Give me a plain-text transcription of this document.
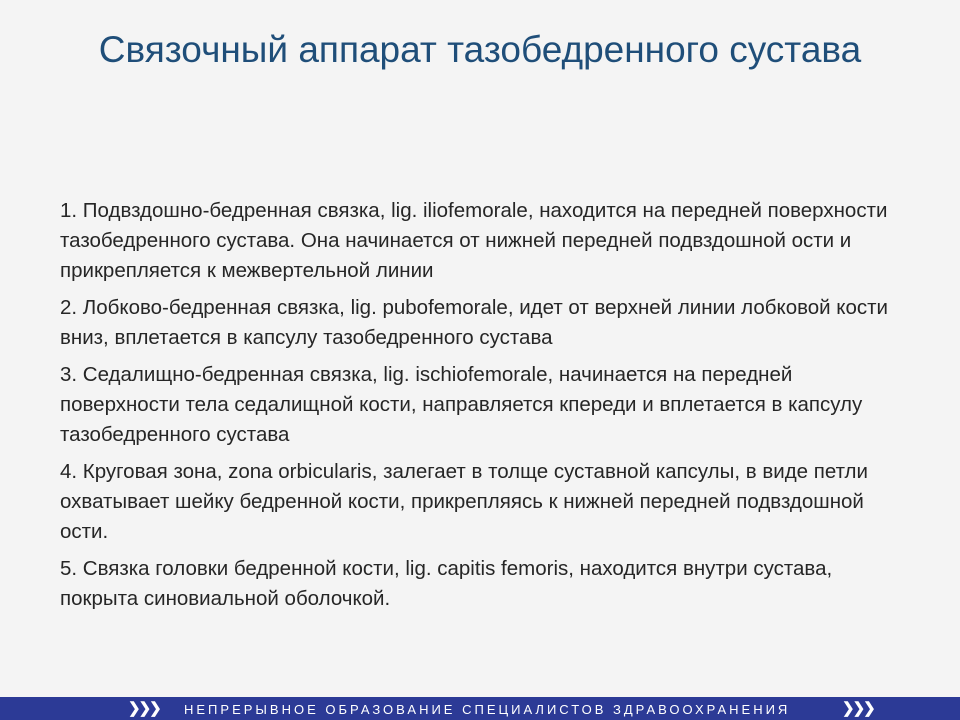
Связочный аппарат тазобедренного сустава

1. Подвздошно-бедренная связка, lig. iliofemorale, находится на передней поверхности тазобедренного сустава. Она начинается от нижней передней подвздошной ости и прикрепляется к межвертельной линии

2. Лобково-бедренная связка, lig. pubofemorale, идет от верхней линии лобковой кости вниз, вплетается в капсулу тазобедренного сустава

3. Седалищно-бедренная связка, lig. ischiofemorale, начинается на передней поверхности тела седалищной кости, направляется кпереди и вплетается в капсулу тазобедренного сустава

4. Круговая зона, zona orbicularis, залегает в толще суставной капсулы, в виде петли охватывает шейку бедренной кости, прикрепляясь к нижней передней подвздошной ости.

5. Связка головки бедренной кости, lig. capitis femoris, находится внутри сустава, покрыта синовиальной оболочкой.

❯❯❯ НЕПРЕРЫВНОЕ ОБРАЗОВАНИЕ СПЕЦИАЛИСТОВ ЗДРАВООХРАНЕНИЯ	❯❯❯
